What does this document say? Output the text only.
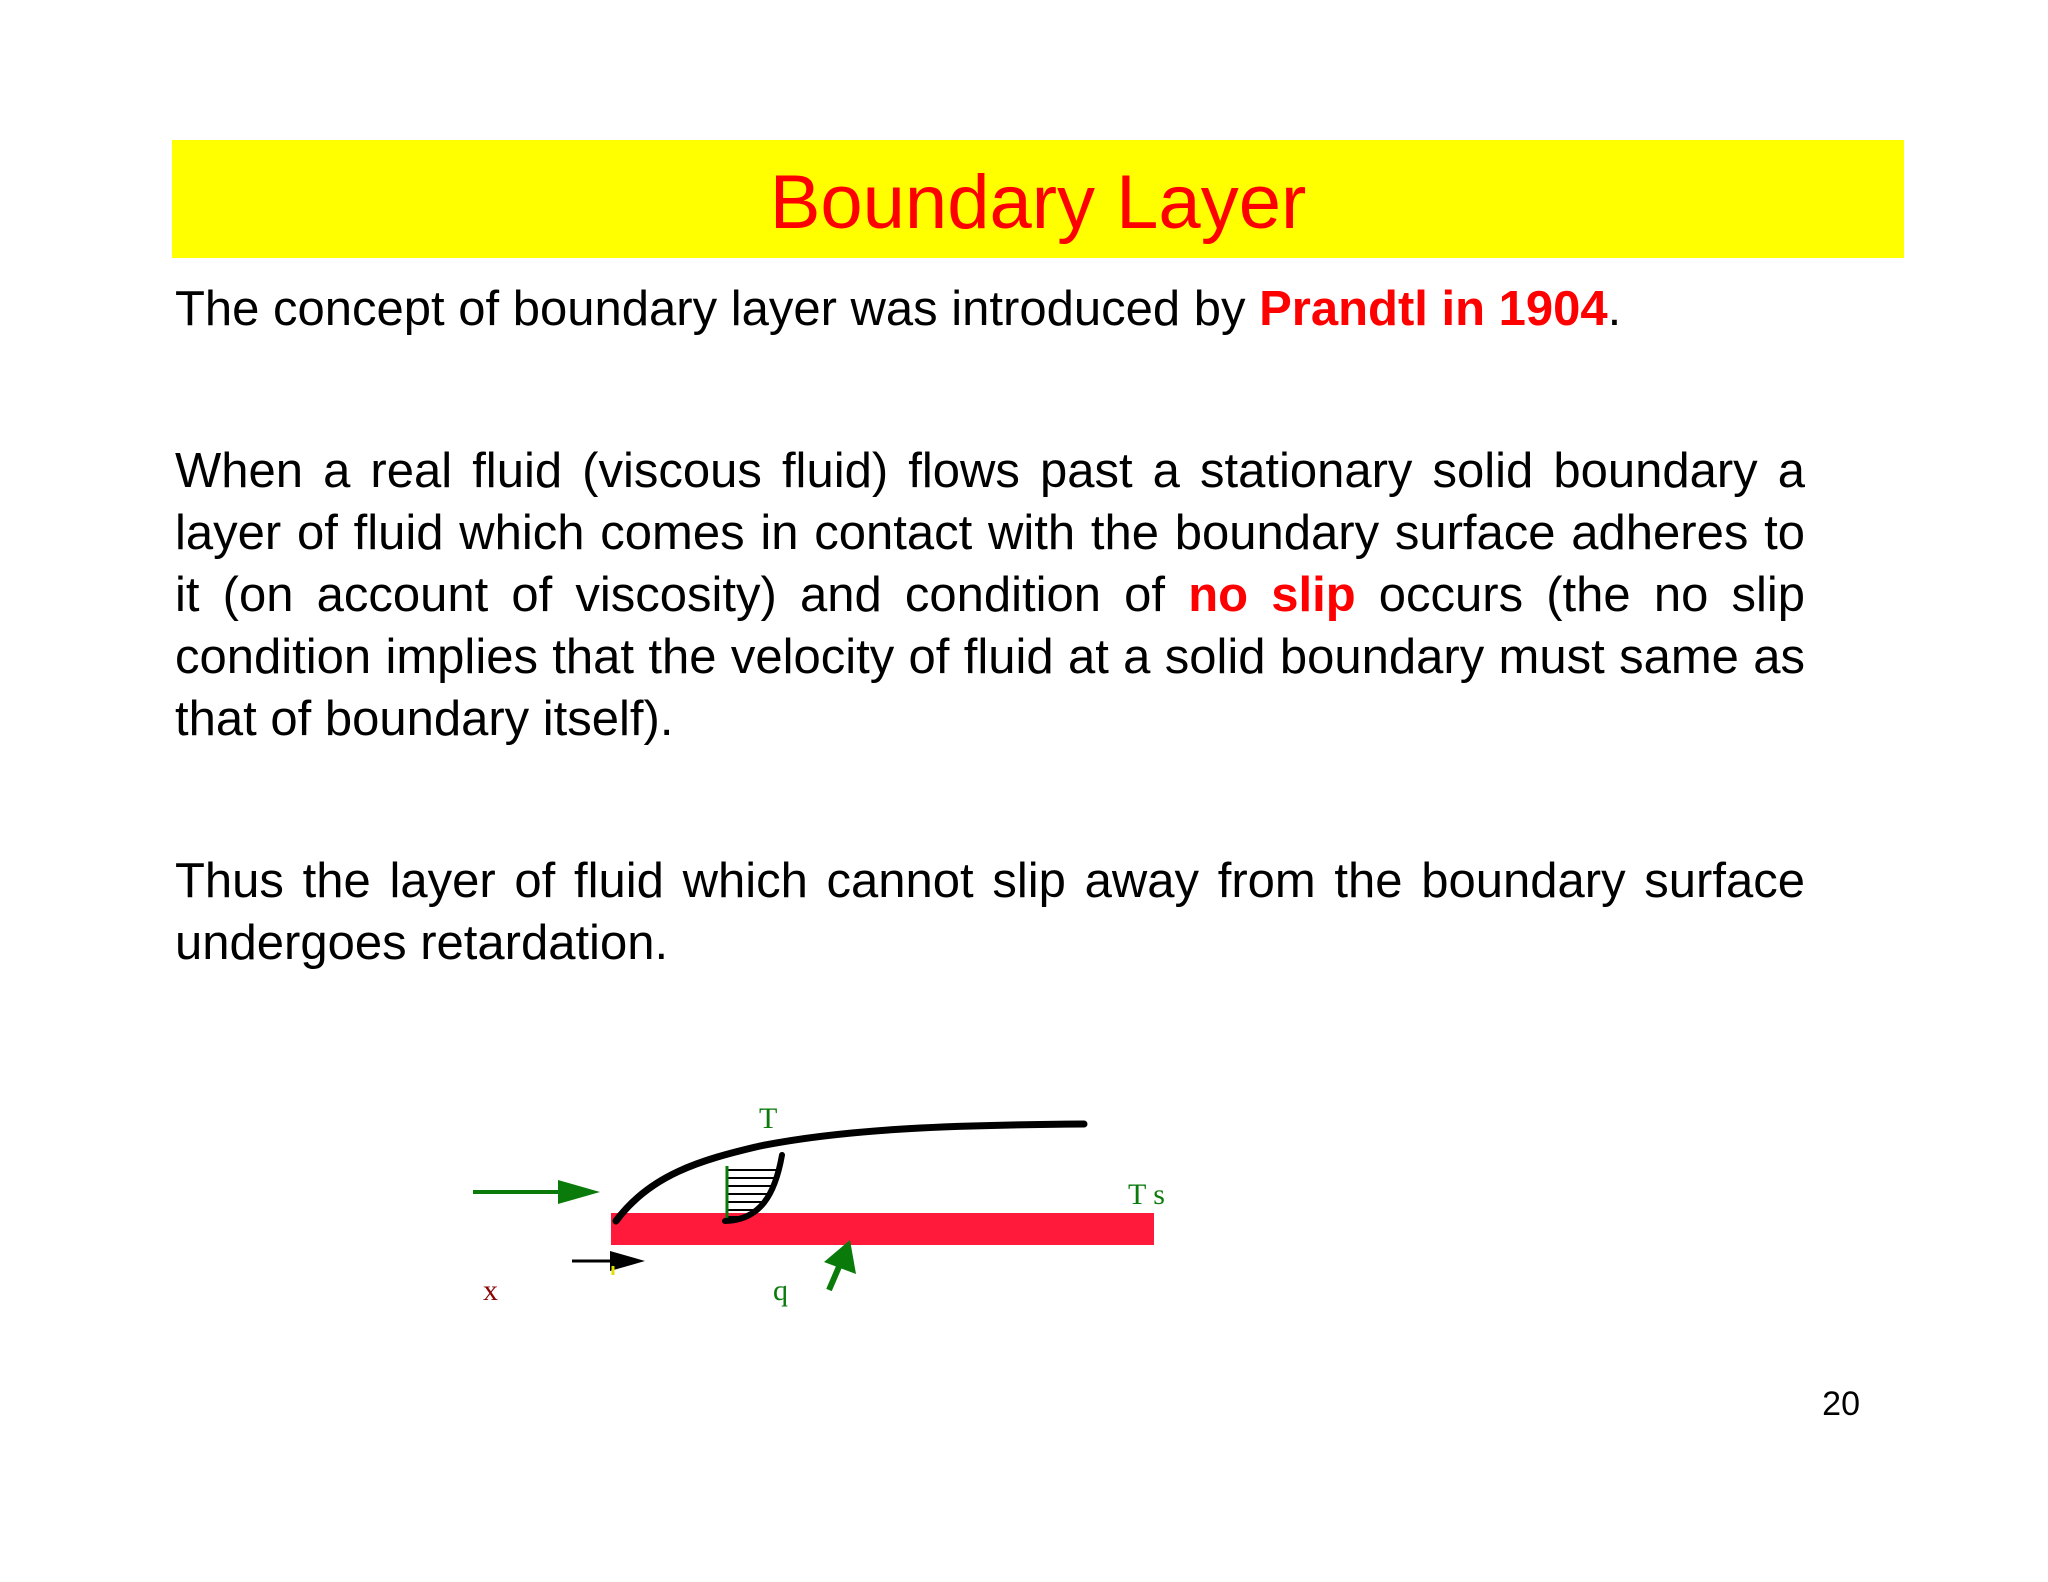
Boundary Layer

The concept of boundary layer was introduced by Prandtl in 1904.

When a real fluid (viscous fluid) flows past a stationary solid boundary a layer of fluid which comes in contact with the boundary surface adheres to it (on account of viscosity) and condition of no slip occurs (the no slip condition implies that the velocity of fluid at a solid boundary must same as that of boundary itself).

Thus the layer of fluid which cannot slip away from the boundary surface undergoes retardation.

T
T s
x	q
20
